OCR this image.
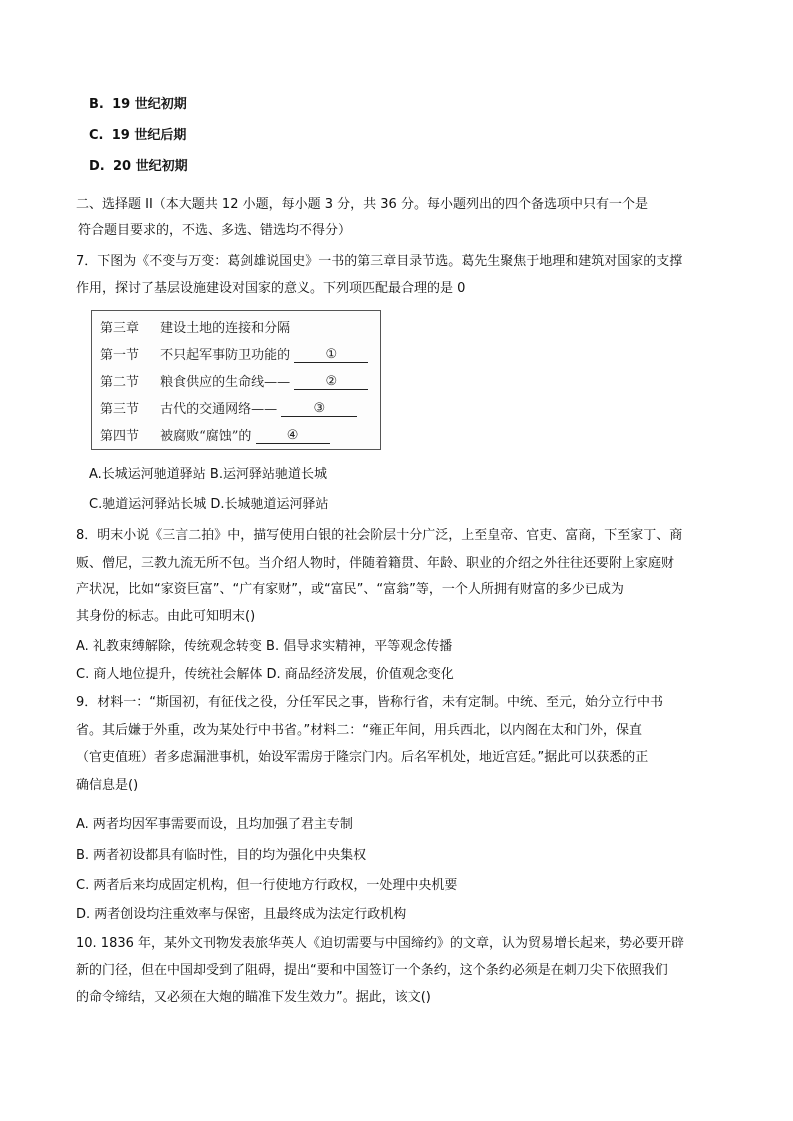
B. 19 世纪初期
C. 19 世纪后期
D. 20 世纪初期
二、选择题 II（本大题共 12 小题，每小题 3 分，共 36 分。每小题列出的四个备选项中只有一个是
符合题目要求的，不选、多选、错选均不得分）
7．下图为《不变与万变：葛剑雄说国史》一书的第三章目录节选。葛先生聚焦于地理和建筑对国家的支撑
作用，探讨了基层设施建设对国家的意义。下列项匹配最合理的是 0
第三章 建设土地的连接和分隔
第一节 不只起军事防卫功能的	①
第二节 粮食供应的生命线——	②
第三节 古代的交通网络——	③
第四节 被腐败“腐蚀”的	④
A.长城运河驰道驿站 B.运河驿站驰道长城
C.驰道运河驿站长城 D.长城驰道运河驿站
8．明末小说《三言二拍》中，描写使用白银的社会阶层十分广泛，上至皇帝、官吏、富商，下至家丁、商
贩、僧尼，三教九流无所不包。当介绍人物时，伴随着籍贯、年龄、职业的介绍之外往往还要附上家庭财
产状况，比如“家资巨富”、“广有家财”，或“富民”、“富翁”等，一个人所拥有财富的多少已成为
其身份的标志。由此可知明末()
A. 礼教束缚解除，传统观念转变 B. 倡导求实精神，平等观念传播
C. 商人地位提升，传统社会解体 D. 商品经济发展，价值观念变化
9．材料一：“斯国初，有征伐之役，分任军民之事，皆称行省，未有定制。中统、至元，始分立行中书
省。其后嫌于外重，改为某处行中书省。”材料二：“雍正年间，用兵西北，以内阁在太和门外，保直
（官吏值班）者多虑漏泄事机，始设军需房于隆宗门内。后名军机处，地近宫廷。”据此可以获悉的正
确信息是()
A. 两者均因军事需要而设，且均加强了君主专制
B. 两者初设都具有临时性，目的均为强化中央集权
C. 两者后来均成固定机构，但一行使地方行政权，一处理中央机要
D. 两者创设均注重效率与保密，且最终成为法定行政机构
10. 1836 年，某外文刊物发表旅华英人《迫切需要与中国缔约》的文章，认为贸易增长起来，势必要开辟
新的门径，但在中国却受到了阻碍，提出“要和中国签订一个条约，这个条约必须是在刺刀尖下依照我们
的命令缔结，又必须在大炮的瞄准下发生效力”。据此，该文()
